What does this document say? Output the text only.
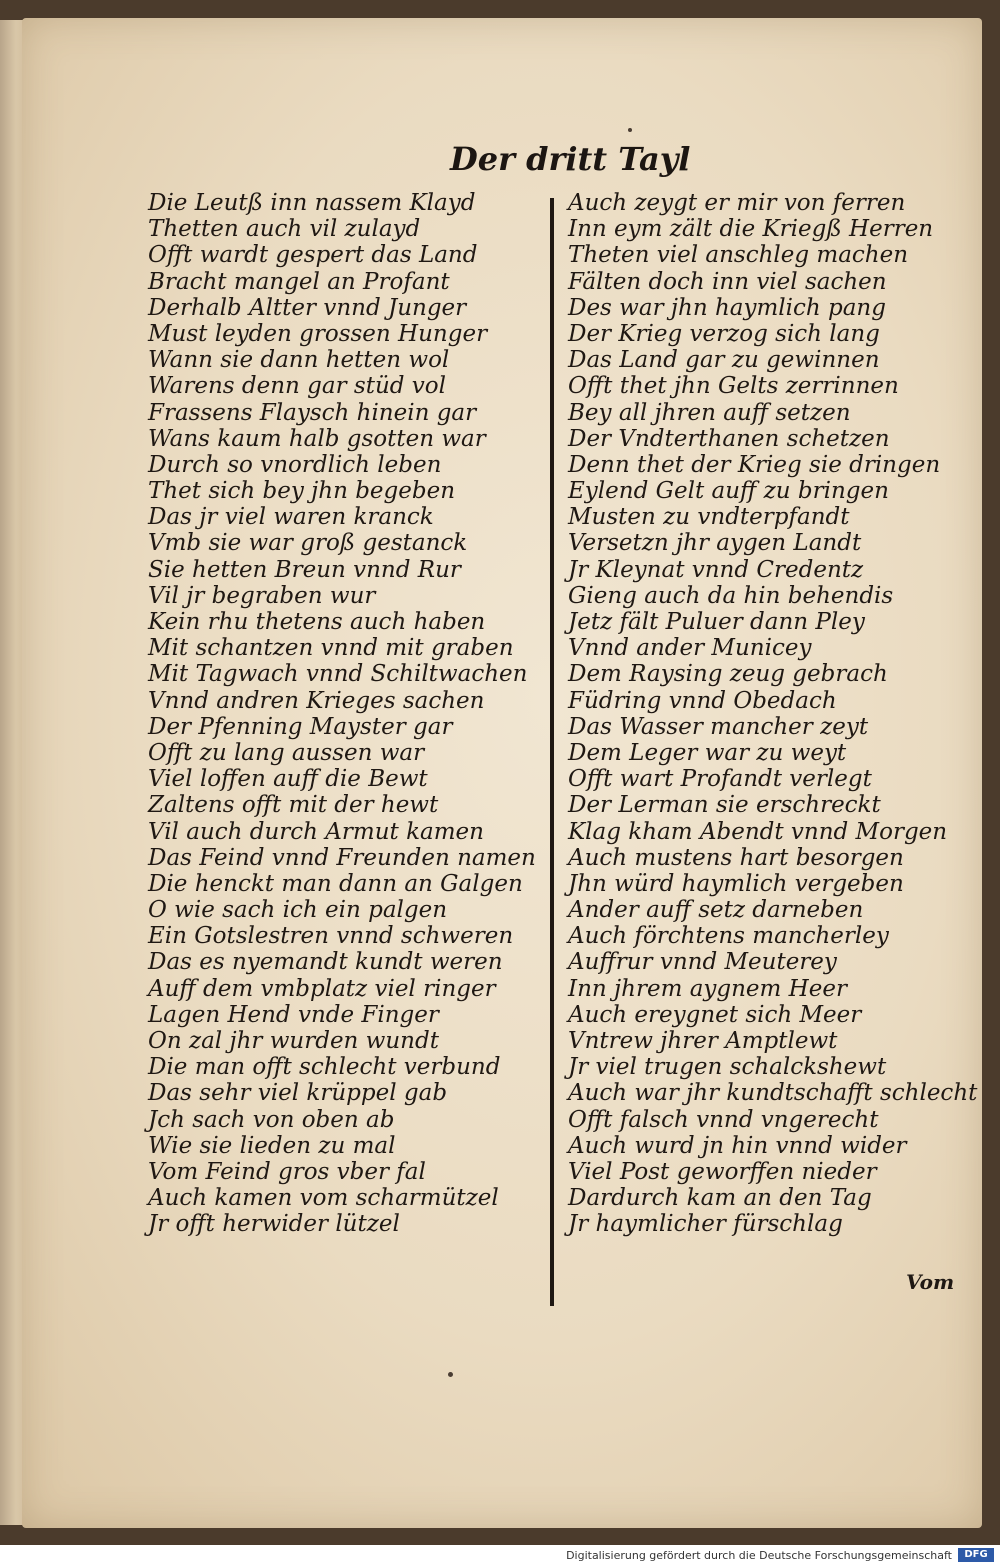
Der dritt Tayl
Die Leutß inn nassem Klayd
Thetten auch vil zulayd
Offt wardt gespert das Land
Bracht mangel an Profant
Derhalb Altter vnnd Junger
Must leyden grossen Hunger
Wann sie dann hetten wol
Warens denn gar stüd vol
Frassens Flaysch hinein gar
Wans kaum halb gsotten war
Durch so vnordlich leben
Thet sich bey jhn begeben
Das jr viel waren kranck
Vmb sie war groß gestanck
Sie hetten Breun vnnd Rur
Vil jr begraben wur
Kein rhu thetens auch haben
Mit schantzen vnnd mit graben
Mit Tagwach vnnd Schiltwachen
Vnnd andren Krieges sachen
Der Pfenning Mayster gar
Offt zu lang aussen war
Viel loffen auff die Bewt
Zaltens offt mit der hewt
Vil auch durch Armut kamen
Das Feind vnnd Freunden namen
Die henckt man dann an Galgen
O wie sach ich ein palgen
Ein Gotslestren vnnd schweren
Das es nyemandt kundt weren
Auff dem vmbplatz viel ringer
Lagen Hend vnde Finger
On zal jhr wurden wundt
Die man offt schlecht verbund
Das sehr viel krüppel gab
Jch sach von oben ab
Wie sie lieden zu mal
Vom Feind gros vber fal
Auch kamen vom scharmützel
Jr offt herwider lützel
Auch zeygt er mir von ferren
Inn eym zält die Kriegß Herren
Theten viel anschleg machen
Fälten doch inn viel sachen
Des war jhn haymlich pang
Der Krieg verzog sich lang
Das Land gar zu gewinnen
Offt thet jhn Gelts zerrinnen
Bey all jhren auff setzen
Der Vndterthanen schetzen
Denn thet der Krieg sie dringen
Eylend Gelt auff zu bringen
Musten zu vndterpfandt
Versetzn jhr aygen Landt
Jr Kleynat vnnd Credentz
Gieng auch da hin behendis
Jetz fält Puluer dann Pley
Vnnd ander Municey
Dem Raysing zeug gebrach
Füdring vnnd Obedach
Das Wasser mancher zeyt
Dem Leger war zu weyt
Offt wart Profandt verlegt
Der Lerman sie erschreckt
Klag kham Abendt vnnd Morgen
Auch mustens hart besorgen
Jhn würd haymlich vergeben
Ander auff setz darneben
Auch förchtens mancherley
Auffrur vnnd Meuterey
Inn jhrem aygnem Heer
Auch ereygnet sich Meer
Vntrew jhrer Amptlewt
Jr viel trugen schalckshewt
Auch war jhr kundtschafft schlecht
Offt falsch vnnd vngerecht
Auch wurd jn hin vnnd wider
Viel Post geworffen nieder
Dardurch kam an den Tag
Jr haymlicher fürschlag
Vom
Digitalisierung gefördert durch die Deutsche Forschungsgemeinschaft	DFG
